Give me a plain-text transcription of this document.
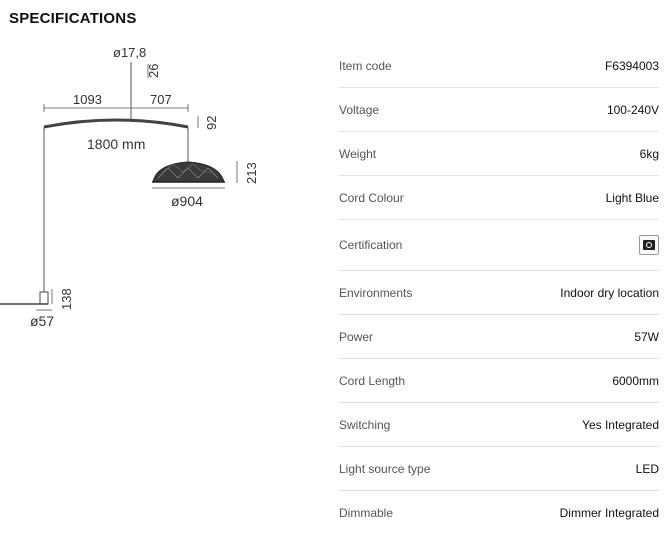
SPECIFICATIONS
ø17,8
26
1093	707
92
1800 mm
213
ø904
138
ø57
Item code	F6394003
Voltage	100-240V
Weight	6kg
Cord Colour	Light Blue
Certification
Environments	Indoor dry location
Power	57W
Cord Length	6000mm
Switching	Yes Integrated
Light source type	LED
Dimmable	Dimmer Integrated
